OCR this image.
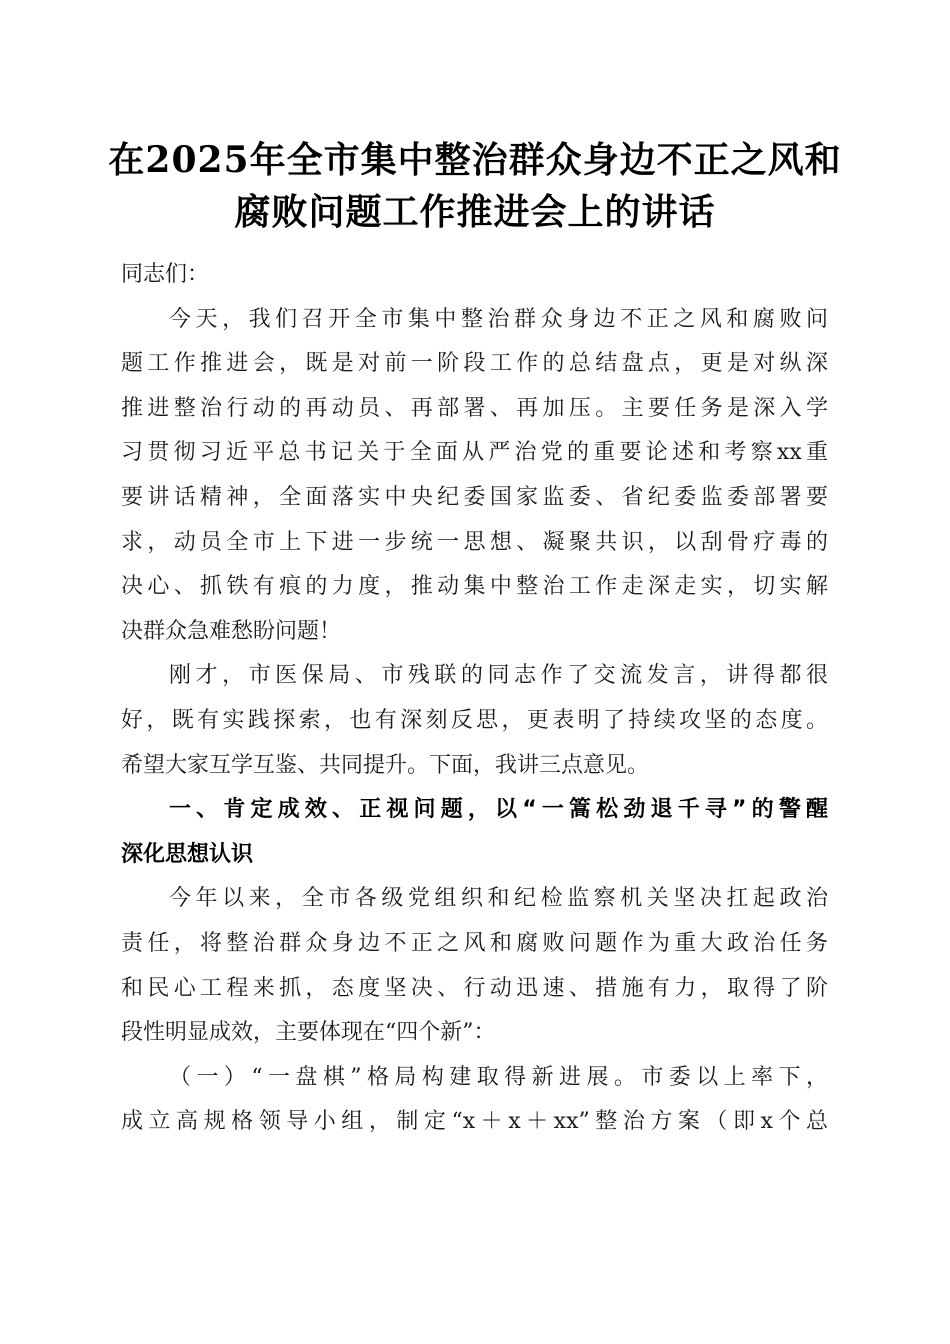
在2025年全市集中整治群众身边不正之风和
腐败问题工作推进会上的讲话
同志们：
今天，我们召开全市集中整治群众身边不正之风和腐败问
题工作推进会，既是对前一阶段工作的总结盘点，更是对纵深
推进整治行动的再动员、再部署、再加压。主要任务是深入学
习贯彻习近平总书记关于全面从严治党的重要论述和考察xx重
要讲话精神，全面落实中央纪委国家监委、省纪委监委部署要
求，动员全市上下进一步统一思想、凝聚共识，以刮骨疗毒的
决心、抓铁有痕的力度，推动集中整治工作走深走实，切实解
决群众急难愁盼问题！
刚才，市医保局、市残联的同志作了交流发言，讲得都很
好，既有实践探索，也有深刻反思，更表明了持续攻坚的态度。
希望大家互学互鉴、共同提升。下面，我讲三点意见。
一、肯定成效、正视问题，以“一篙松劲退千寻”的警醒
深化思想认识
今年以来，全市各级党组织和纪检监察机关坚决扛起政治
责任，将整治群众身边不正之风和腐败问题作为重大政治任务
和民心工程来抓，态度坚决、行动迅速、措施有力，取得了阶
段性明显成效，主要体现在“四个新”：
（一）“一盘棋”格局构建取得新进展。市委以上率下，
成立高规格领导小组，制定“x＋x＋xx”整治方案（即x个总
